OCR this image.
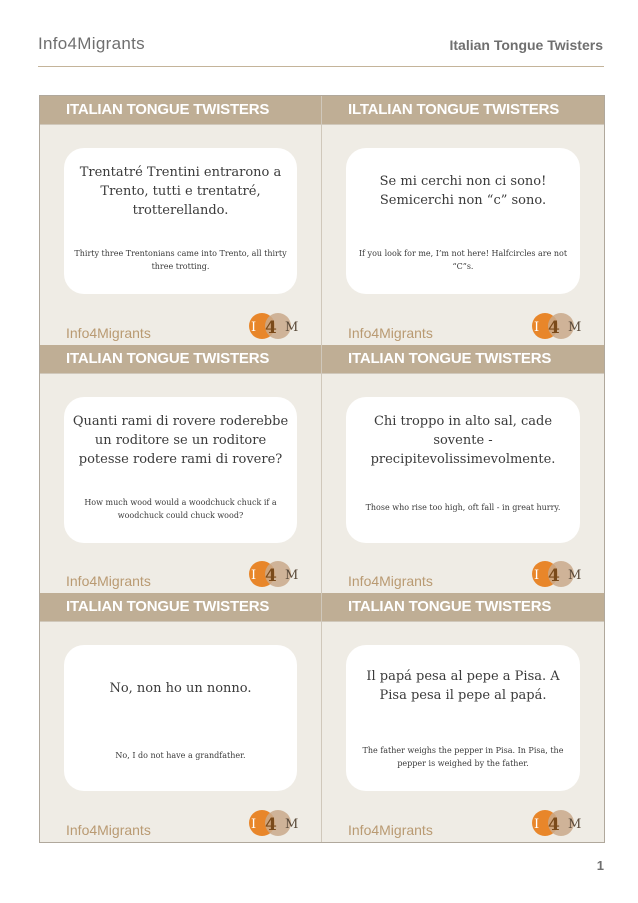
Info4Migrants	Italian Tongue Twisters
ITALIAN TONGUE TWISTERS
Trentatré Trentini entrarono a Trento, tutti e trentatré, trotterellando.
Thirty three Trentonians came into Trento, all thirty three trotting.
Info4Migrants	I 4 M
ILTALIAN TONGUE TWISTERS
Se mi cerchi non ci sono! Semicerchi non “c” sono.
If you look for me, I’m not here! Halfcircles are not “C”s.
Info4Migrants	I 4 M
ITALIAN TONGUE TWISTERS
Quanti rami di rovere roderebbe un roditore se un roditore potesse rodere rami di rovere?
How much wood would a woodchuck chuck if a woodchuck could chuck wood?
Info4Migrants	I 4 M
ITALIAN TONGUE TWISTERS
Chi troppo in alto sal, cade sovente - precipitevolissimevolmente.
Those who rise too high, oft fall - in great hurry.
Info4Migrants	I 4 M
ITALIAN TONGUE TWISTERS
No, non ho un nonno.
No, I do not have a grandfather.
Info4Migrants	I 4 M
ITALIAN TONGUE TWISTERS
Il papá pesa al pepe a Pisa. A Pisa pesa il pepe al papá.
The father weighs the pepper in Pisa. In Pisa, the pepper is weighed by the father.
Info4Migrants	I 4 M
1
